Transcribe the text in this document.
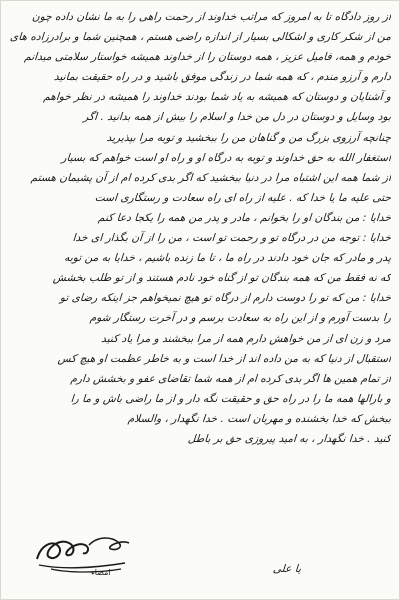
از روز دادگاه تا به امروز که مراتب خداوند از رحمت راهی را به ما نشان داده چون
من از شکر کاری و اشکالی بسیار از اندازه راضی هستم ، همچنین شما و برادرزاده های
خودم و همه، فامیل عزیز ، همه دوستان را از خداوند همیشه خواستار سلامتی میدانم
دارم و آرزو مندم ، که همه شما در زندگی موفق باشید و در راه حقیقت بمانید
و آشنایان و دوستان که همیشه به یاد شما بودند خداوند را همیشه در نظر خواهم
بود وسایل و دوستان در دل من خدا و اسلام را بیش از همه بدانید . اگر
چنانچه آرزوی بزرگ من و گناهان من را ببخشید و توبه مرا بپذیرید
استغفار الله به حق خداوند و توبه به درگاه او و راه او است خواهم که بسیار
از شما همه این اشتباه مرا در دنیا ببخشید که اگر بدی کرده ام از آن پشیمان هستم
حتی علیه ما یا خدا که . علیه از راه ای راه سعادت و رستگاری است
خدایا : من بندگان او را بخوانم ، مادر و پدر من همه را یکجا دعا کنم
خدایا : توجه من در درگاه تو و رحمت تو است ، من را از آن بگذار ای خدا
پدر و مادر که جان خود دادند در راه ما ، تا ما زنده باشیم ، خدایا به من توبه
که نه فقط من که همه بندگان تو از گناه خود نادم هستند و از تو طلب بخشش
خدایا : من که تو را دوست دارم از درگاه تو هیچ نمیخواهم جز اینکه رضای تو
را بدست آورم و از این راه به سعادت برسم و در آخرت رستگار شوم
مرد و زن ای از من خواهش دارم همه از مرا ببخشند و مرا یاد کنید
استقبال از دنیا که به من داده اند از خدا است و به خاطر عظمت او هیچ کس
از تمام همین ها اگر بدی کرده ام از همه شما تقاضای عفو و بخشش دارم
و بارالها همه ما را در راه حق و حقیقت نگه دار و از ما راضی باش و ما را
ببخش که خدا بخشنده و مهربان است . خدا نگهدار ، والسلام
کنید . خدا نگهدار ، به امید پیروزی حق بر باطل
یا علی
امضاء
